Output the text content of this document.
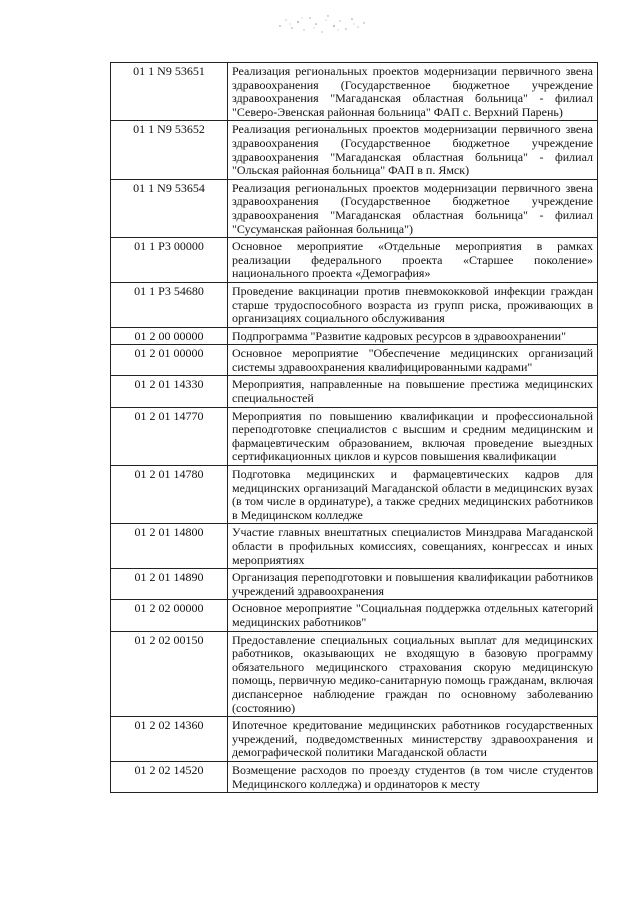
01 1 N9 53651	Реализация региональных проектов модернизации первичного звена здравоохранения (Государственное бюджетное учреждение здравоохранения "Магаданская областная больница" - филиал "Северо-Эвенская районная больница" ФАП с. Верхний Парень)
01 1 N9 53652	Реализация региональных проектов модернизации первичного звена здравоохранения (Государственное бюджетное учреждение здравоохранения "Магаданская областная больница" - филиал "Ольская районная больница" ФАП в п. Ямск)
01 1 N9 53654	Реализация региональных проектов модернизации первичного звена здравоохранения (Государственное бюджетное учреждение здравоохранения "Магаданская областная больница" - филиал "Сусуманская районная больница")
01 1 P3 00000	Основное мероприятие «Отдельные мероприятия в рамках реализации федерального проекта «Старшее поколение» национального проекта «Демография»
01 1 P3 54680	Проведение вакцинации против пневмококковой инфекции граждан старше трудоспособного возраста из групп риска, проживающих в организациях социального обслуживания
01 2 00 00000	Подпрограмма "Развитие кадровых ресурсов в здравоохранении"
01 2 01 00000	Основное мероприятие "Обеспечение медицинских организаций системы здравоохранения квалифицированными кадрами"
01 2 01 14330	Мероприятия, направленные на повышение престижа медицинских специальностей
01 2 01 14770	Мероприятия по повышению квалификации и профессиональной переподготовке специалистов с высшим и средним медицинским и фармацевтическим образованием, включая проведение выездных сертификационных циклов и курсов повышения квалификации
01 2 01 14780	Подготовка медицинских и фармацевтических кадров для медицинских организаций Магаданской области в медицинских вузах (в том числе в ординатуре), а также средних медицинских работников в Медицинском колледже
01 2 01 14800	Участие главных внештатных специалистов Минздрава Магаданской области в профильных комиссиях, совещаниях, конгрессах и иных мероприятиях
01 2 01 14890	Организация переподготовки и повышения квалификации работников учреждений здравоохранения
01 2 02 00000	Основное мероприятие "Социальная поддержка отдельных категорий медицинских работников"
01 2 02 00150	Предоставление специальных социальных выплат для медицинских работников, оказывающих не входящую в базовую программу обязательного медицинского страхования скорую медицинскую помощь, первичную медико-санитарную помощь гражданам, включая диспансерное наблюдение граждан по основному заболеванию (состоянию)
01 2 02 14360	Ипотечное кредитование медицинских работников государственных учреждений, подведомственных министерству здравоохранения и демографической политики Магаданской области
01 2 02 14520	Возмещение расходов по проезду студентов (в том числе студентов Медицинского колледжа) и ординаторов к месту
